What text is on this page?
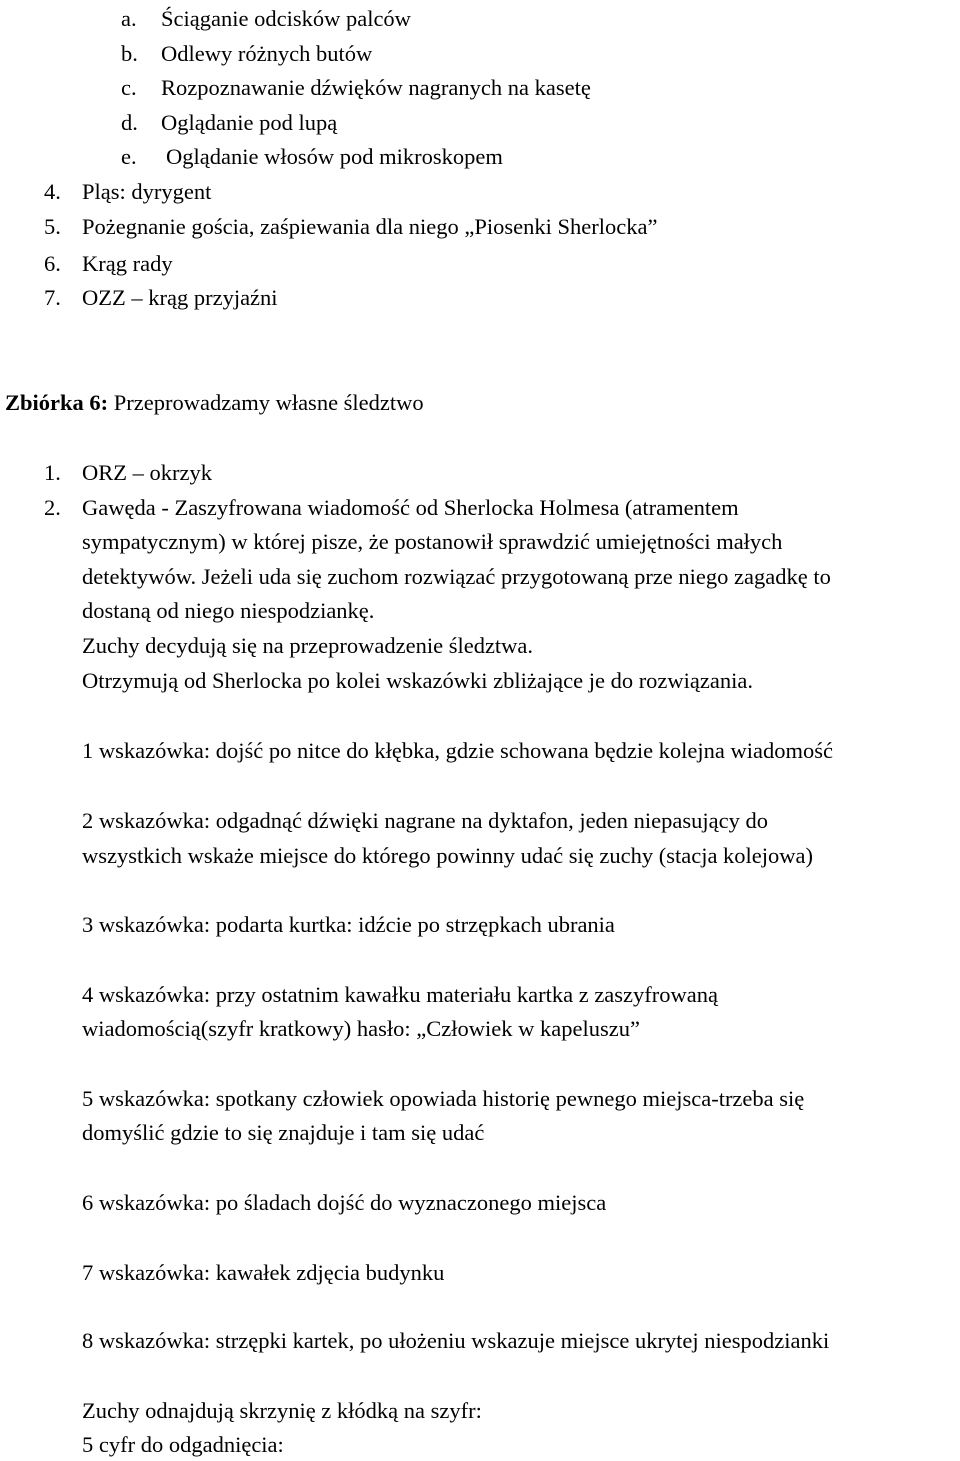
a. Ściąganie odcisków palców
b. Odlewy różnych butów
c. Rozpoznawanie dźwięków nagranych na kasetę
d. Oglądanie pod lupą
e. Oglądanie włosów pod mikroskopem
4. Pląs: dyrygent
5. Pożegnanie gościa, zaśpiewania dla niego „Piosenki Sherlocka”
6. Krąg rady
7. OZZ – krąg przyjaźni
Zbiórka 6: Przeprowadzamy własne śledztwo
1. ORZ – okrzyk
2. Gawęda - Zaszyfrowana wiadomość od Sherlocka Holmesa (atramentem
sympatycznym) w której pisze, że postanowił sprawdzić umiejętności małych
detektywów. Jeżeli uda się zuchom rozwiązać przygotowaną prze niego zagadkę to
dostaną od niego niespodziankę.
Zuchy decydują się na przeprowadzenie śledztwa.
Otrzymują od Sherlocka po kolei wskazówki zbliżające je do rozwiązania.
1 wskazówka: dojść po nitce do kłębka, gdzie schowana będzie kolejna wiadomość
2 wskazówka: odgadnąć dźwięki nagrane na dyktafon, jeden niepasujący do
wszystkich wskaże miejsce do którego powinny udać się zuchy (stacja kolejowa)
3 wskazówka: podarta kurtka: idźcie po strzępkach ubrania
4 wskazówka: przy ostatnim kawałku materiału kartka z zaszyfrowaną
wiadomością(szyfr kratkowy) hasło: „Człowiek w kapeluszu”
5 wskazówka: spotkany człowiek opowiada historię pewnego miejsca-trzeba się
domyślić gdzie to się znajduje i tam się udać
6 wskazówka: po śladach dojść do wyznaczonego miejsca
7 wskazówka: kawałek zdjęcia budynku
8 wskazówka: strzępki kartek, po ułożeniu wskazuje miejsce ukrytej niespodzianki
Zuchy odnajdują skrzynię z kłódką na szyfr:
5 cyfr do odgadnięcia:
